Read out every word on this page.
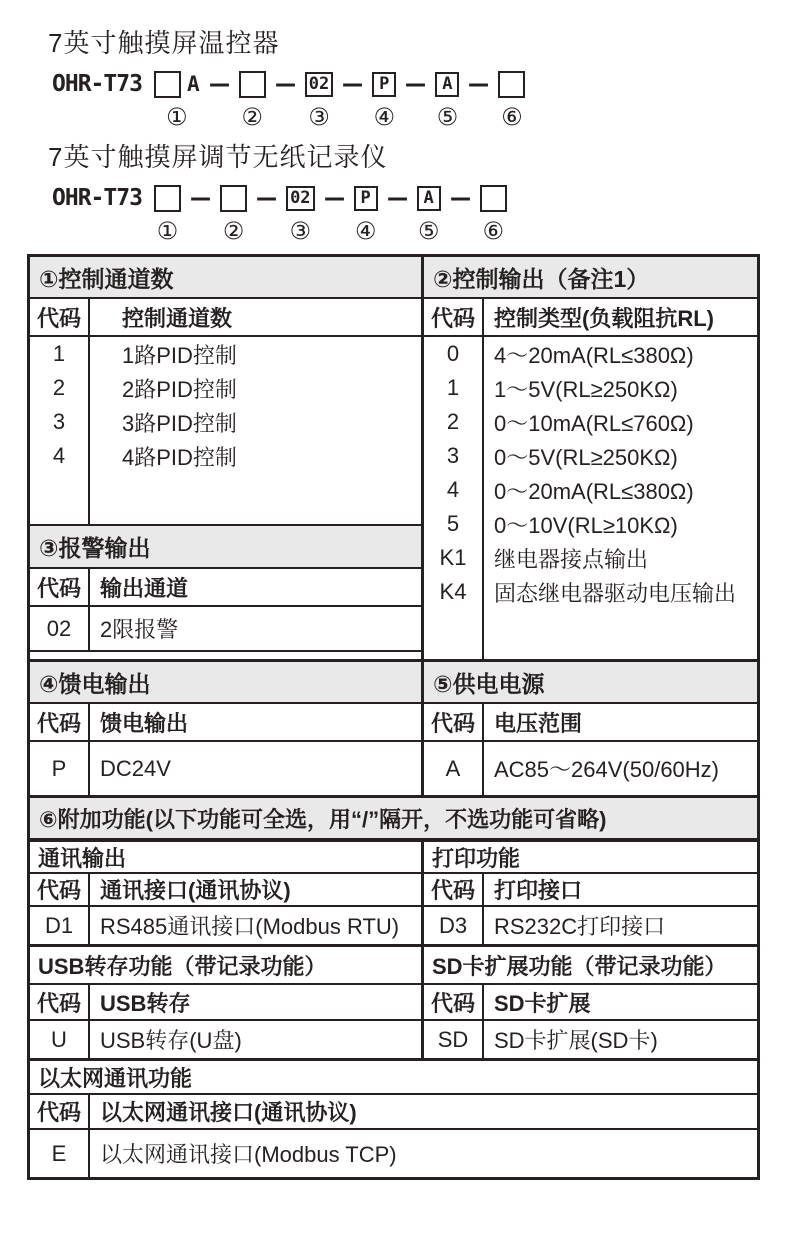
7英寸触摸屏温控器
OHR-T73 A
①
–
②
– 02
③
– P
④
– A
⑤
–
⑥
7英寸触摸屏调节无纸记录仪
OHR-T73
①
–
②
– 02
③
– P
④
– A
⑤
–
⑥
①控制通道数
代码	控制通道数
1	1路PID控制
2	2路PID控制
3	3路PID控制
4	4路PID控制
③报警输出
代码 输出通道
02	2限报警
②控制输出（备注1）
代码 控制类型(负载阻抗RL)
0	4～20mA(RL≤380Ω)
1	1～5V(RL≥250KΩ)
2	0～10mA(RL≤760Ω)
3	0～5V(RL≥250KΩ)
4	0～20mA(RL≤380Ω)
5	0～10V(RL≥10KΩ)
K1	继电器接点输出
K4	固态继电器驱动电压输出
④馈电输出
代码 馈电输出
P	DC24V
⑤供电电源
代码 电压范围
A	AC85～264V(50/60Hz)
⑥附加功能(以下功能可全选，用“/”隔开，不选功能可省略)
通讯输出
代码 通讯接口(通讯协议)
D1	RS485通讯接口(Modbus RTU)
打印功能
代码 打印接口
D3	RS232C打印接口
USB转存功能（带记录功能）
代码 USB转存
U	USB转存(U盘)
SD卡扩展功能（带记录功能）
代码 SD卡扩展
SD	SD卡扩展(SD卡)
以太网通讯功能
代码 以太网通讯接口(通讯协议)
E	以太网通讯接口(Modbus TCP)
